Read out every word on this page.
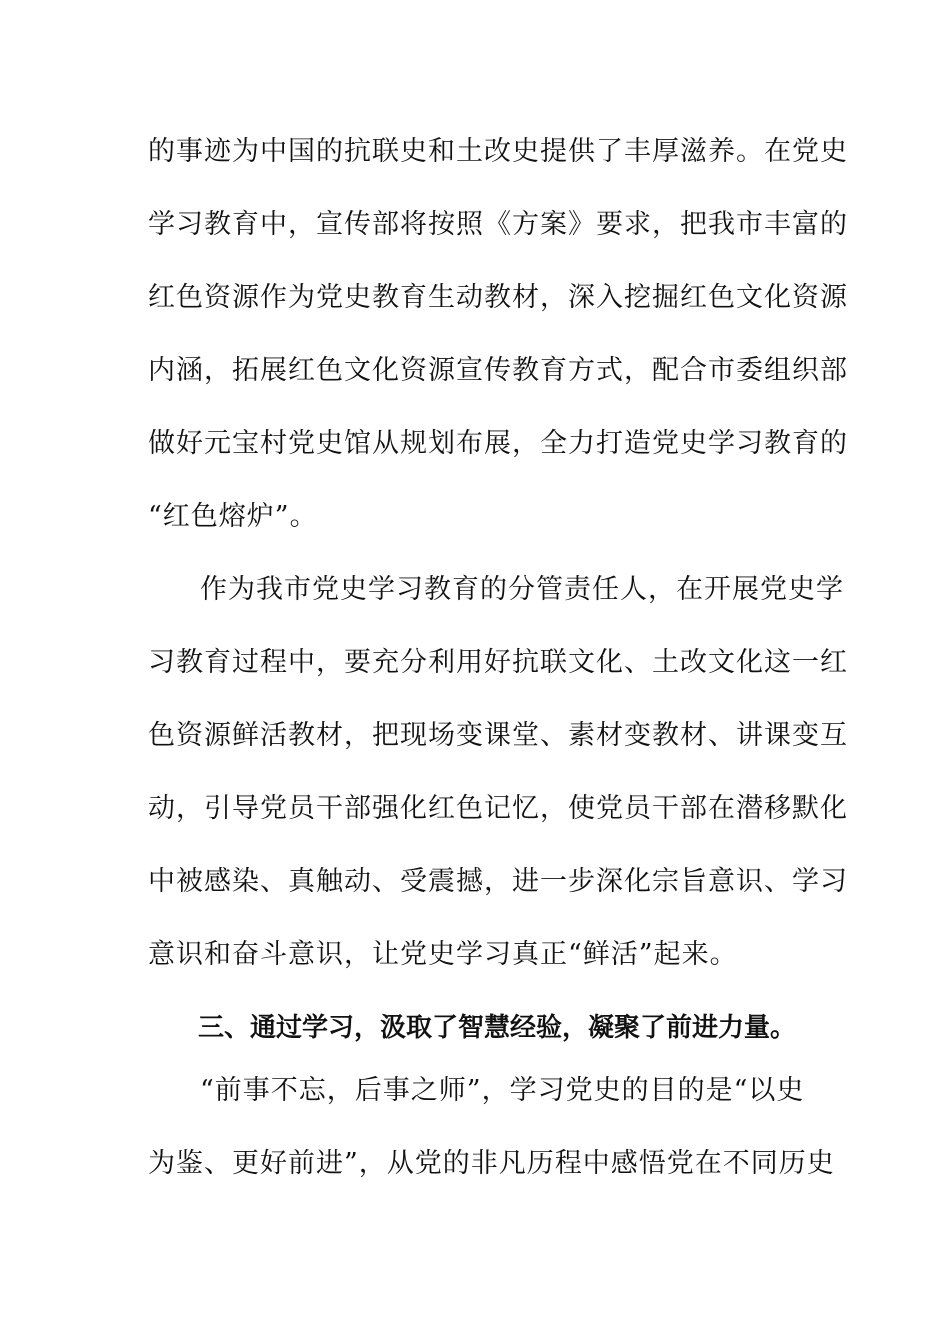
的事迹为中国的抗联史和土改史提供了丰厚滋养。在党史
学习教育中，宣传部将按照《方案》要求，把我市丰富的
红色资源作为党史教育生动教材，深入挖掘红色文化资源
内涵，拓展红色文化资源宣传教育方式，配合市委组织部
做好元宝村党史馆从规划布展，全力打造党史学习教育的
“红色熔炉”。
作为我市党史学习教育的分管责任人，在开展党史学
习教育过程中，要充分利用好抗联文化、土改文化这一红
色资源鲜活教材，把现场变课堂、素材变教材、讲课变互
动，引导党员干部强化红色记忆，使党员干部在潜移默化
中被感染、真触动、受震撼，进一步深化宗旨意识、学习
意识和奋斗意识，让党史学习真正“鲜活”起来。
三、通过学习，汲取了智慧经验，凝聚了前进力量。
“前事不忘，后事之师”，学习党史的目的是“以史
为鉴、更好前进”，从党的非凡历程中感悟党在不同历史
